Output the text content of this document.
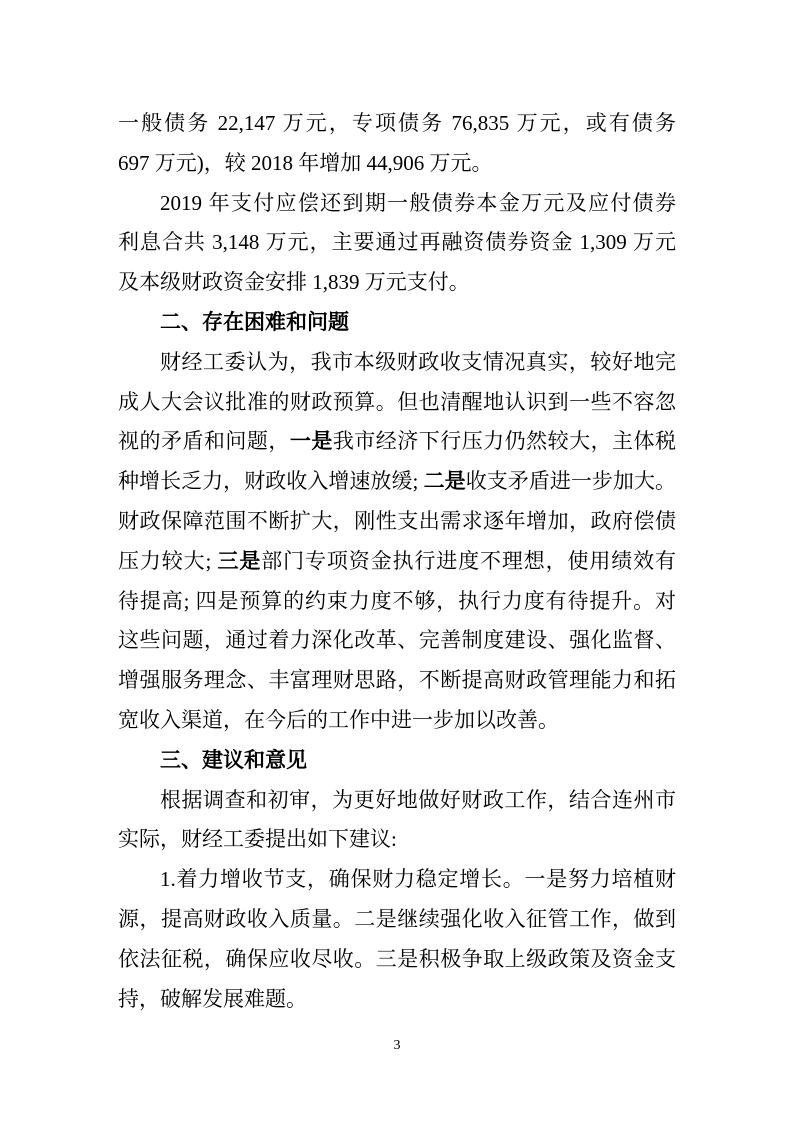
一般债务 22,147 万元，专项债务 76,835 万元，或有债务
697 万元)，较 2018 年增加 44,906 万元。
2019 年支付应偿还到期一般债券本金万元及应付债券
利息合共 3,148 万元，主要通过再融资债券资金 1,309 万元
及本级财政资金安排 1,839 万元支付。
二、存在困难和问题
财经工委认为，我市本级财政收支情况真实，较好地完
成人大会议批准的财政预算。但也清醒地认识到一些不容忽
视的矛盾和问题，一是我市经济下行压力仍然较大，主体税
种增长乏力，财政收入增速放缓; 二是收支矛盾进一步加大。
财政保障范围不断扩大，刚性支出需求逐年增加，政府偿债
压力较大; 三是部门专项资金执行进度不理想，使用绩效有
待提高; 四是预算的约束力度不够，执行力度有待提升。对
这些问题，通过着力深化改革、完善制度建设、强化监督、
增强服务理念、丰富理财思路，不断提高财政管理能力和拓
宽收入渠道，在今后的工作中进一步加以改善。
三、建议和意见
根据调查和初审，为更好地做好财政工作，结合连州市
实际，财经工委提出如下建议:
1.着力增收节支，确保财力稳定增长。一是努力培植财
源，提高财政收入质量。二是继续强化收入征管工作，做到
依法征税，确保应收尽收。三是积极争取上级政策及资金支
持，破解发展难题。
3
